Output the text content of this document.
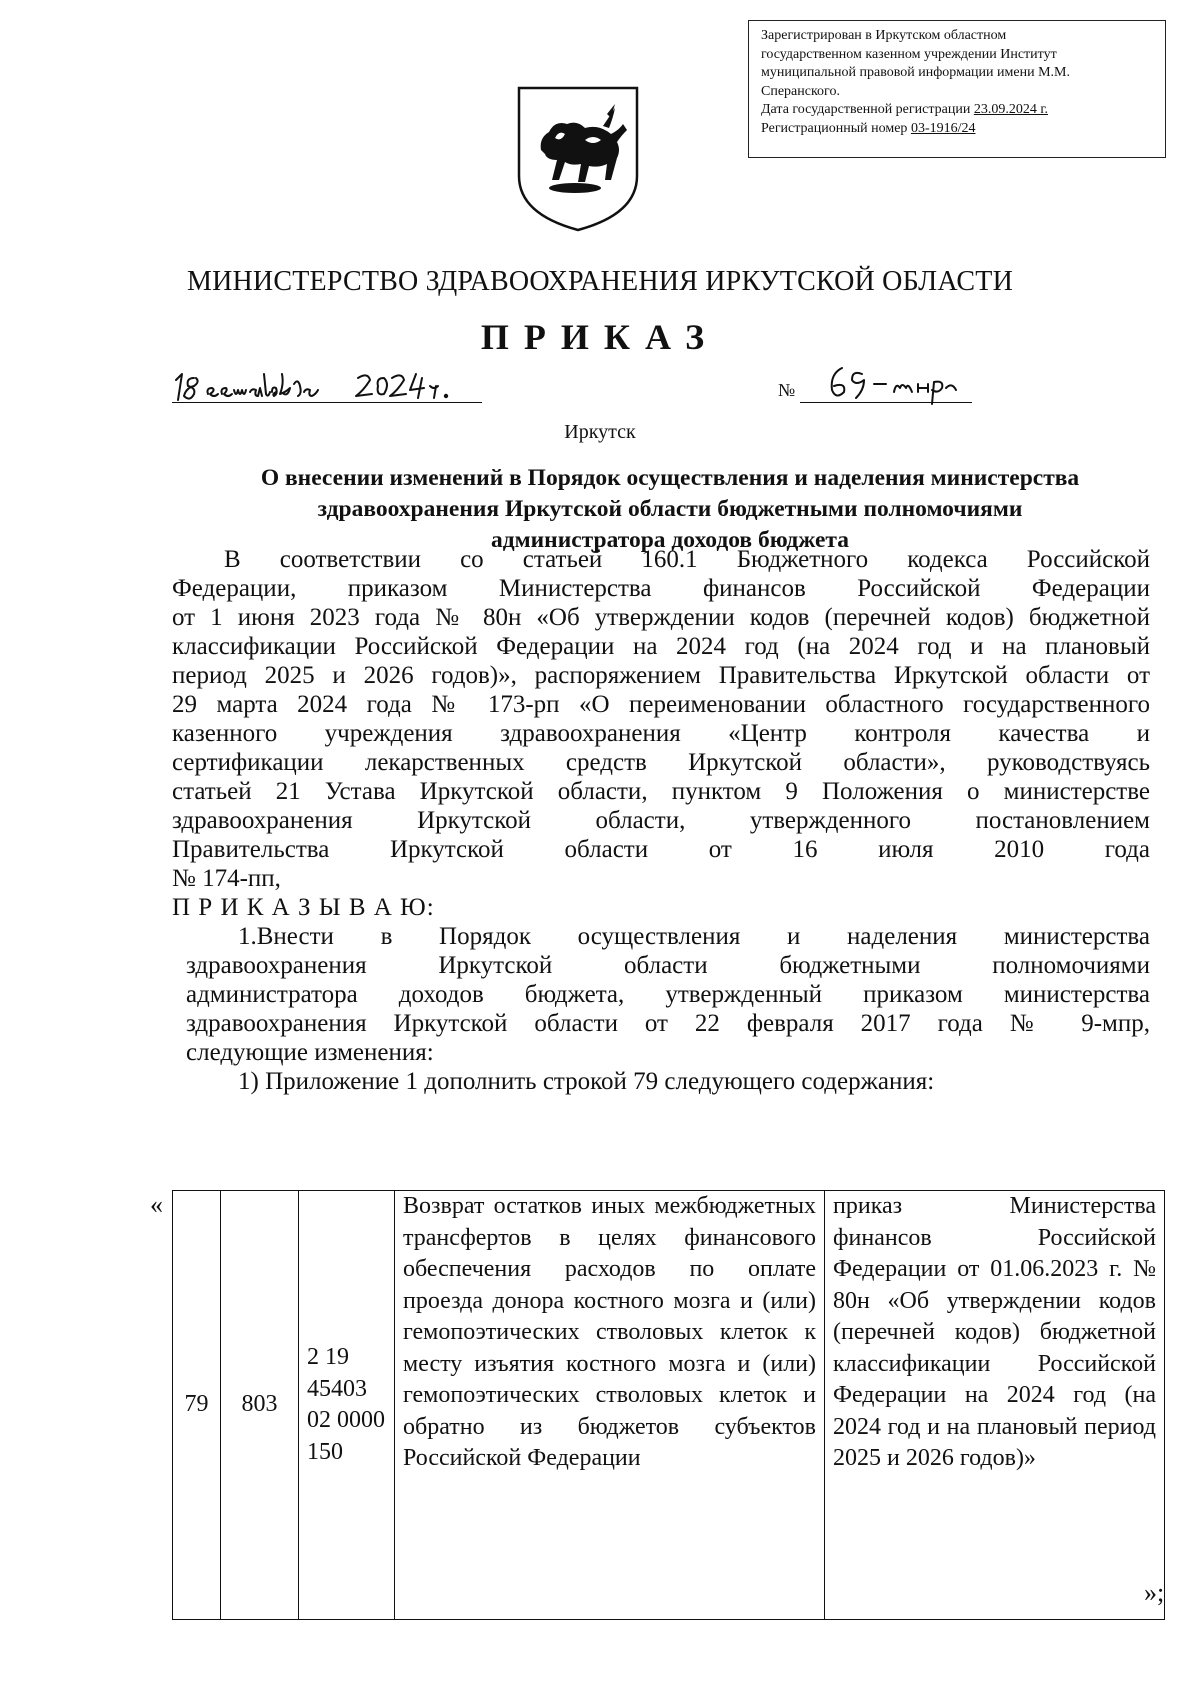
Зарегистрирован в Иркутском областном
государственном казенном учреждении Институт
муниципальной правовой информации имени М.М.
Сперанского.
Дата государственной регистрации 23.09.2024 г.
Регистрационный номер 03-1916/24
МИНИСТЕРСТВО ЗДРАВООХРАНЕНИЯ ИРКУТСКОЙ ОБЛАСТИ
ПРИКАЗ
№
Иркутск
О внесении изменений в Порядок осуществления и наделения министерства здравоохранения Иркутской области бюджетными полномочиями администратора доходов бюджета
В соответствии со статьей 160.1 Бюджетного кодекса Российской
Федерации, приказом Министерства финансов Российской Федерации
от 1 июня 2023 года № 80н «Об утверждении кодов (перечней кодов) бюджетной
классификации Российской Федерации на 2024 год (на 2024 год и на плановый
период 2025 и 2026 годов)», распоряжением Правительства Иркутской области от
29 марта 2024 года № 173-рп «О переименовании областного государственного
казенного учреждения здравоохранения «Центр контроля качества и
сертификации лекарственных средств Иркутской области», руководствуясь
статьей 21 Устава Иркутской области, пунктом 9 Положения о министерстве
здравоохранения Иркутской области, утвержденного постановлением
Правительства Иркутской области от 16 июля 2010 года
№ 174-пп,
П Р И К А З Ы В А Ю:
1.Внести в Порядок осуществления и наделения министерства
здравоохранения Иркутской области бюджетными полномочиями
администратора доходов бюджета, утвержденный приказом министерства
здравоохранения Иркутской области от 22 февраля 2017 года № 9-мпр,
следующие изменения:
1) Приложение 1 дополнить строкой 79 следующего содержания:
«
79	803	2 19 45403 02 0000 150	Возврат остатков иных межбюджетных трансфертов в целях финансового обеспечения расходов по оплате проезда донора костного мозга и (или) гемопоэтических стволовых клеток к месту изъятия костного мозга и (или) гемопоэтических стволовых клеток и обратно из бюджетов субъектов Российской Федерации	приказ Министерства финансов Российской Федерации от 01.06.2023 г. № 80н «Об утверждении кодов (перечней кодов) бюджетной классификации Российской Федерации на 2024 год (на 2024 год и на плановый период 2025 и 2026 годов)»
»;
